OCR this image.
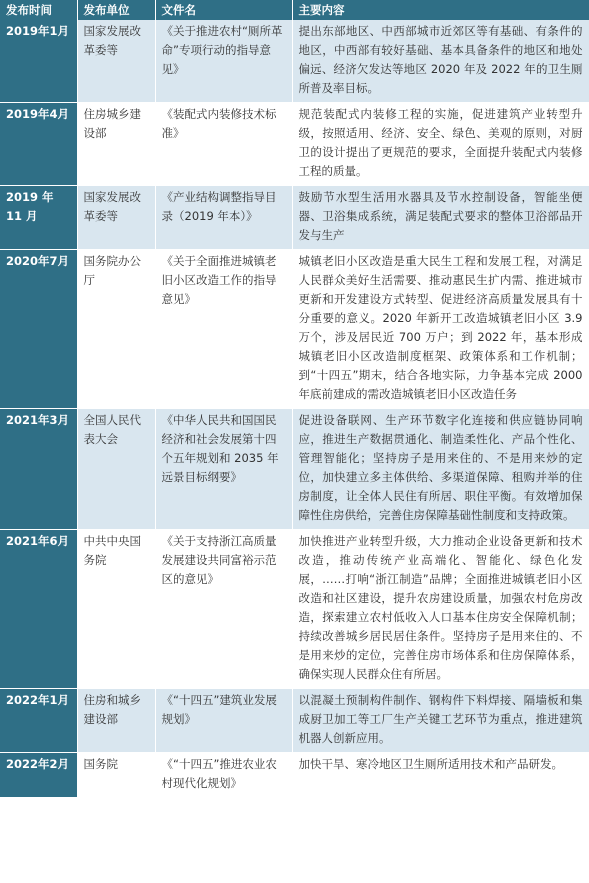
发布时间	发布单位	文件名	主要内容
2019年1月	国家发展改革委等	《关于推进农村“厕所革命”专项行动的指导意见》	提出东部地区、中西部城市近郊区等有基础、有条件的地区，中西部有较好基础、基本具备条件的地区和地处偏远、经济欠发达等地区 2020 年及 2022 年的卫生厕所普及率目标。
2019年4月	住房城乡建设部	《装配式内装修技术标准》	规范装配式内装修工程的实施，促进建筑产业转型升级，按照适用、经济、安全、绿色、美观的原则，对厨卫的设计提出了更规范的要求，全面提升装配式内装修工程的质量。
2019 年 11 月	国家发展改革委等	《产业结构调整指导目录（2019 年本）》	鼓励节水型生活用水器具及节水控制设备，智能坐便器、卫浴集成系统，满足装配式要求的整体卫浴部品开发与生产
2020年7月	国务院办公厅	《关于全面推进城镇老旧小区改造工作的指导意见》	城镇老旧小区改造是重大民生工程和发展工程，对满足人民群众美好生活需要、推动惠民生扩内需、推进城市更新和开发建设方式转型、促进经济高质量发展具有十分重要的意义。2020 年新开工改造城镇老旧小区 3.9 万个，涉及居民近 700 万户；到 2022 年，基本形成城镇老旧小区改造制度框架、政策体系和工作机制；到“十四五”期末，结合各地实际，力争基本完成 2000 年底前建成的需改造城镇老旧小区改造任务
2021年3月	全国人民代表大会	《中华人民共和国国民经济和社会发展第十四个五年规划和 2035 年远景目标纲要》	促进设备联网、生产环节数字化连接和供应链协同响应，推进生产数据贯通化、制造柔性化、产品个性化、管理智能化；坚持房子是用来住的、不是用来炒的定位，加快建立多主体供给、多渠道保障、租购并举的住房制度，让全体人民住有所居、职住平衡。有效增加保障性住房供给，完善住房保障基础性制度和支持政策。
2021年6月	中共中央国务院	《关于支持浙江高质量发展建设共同富裕示范区的意见》	加快推进产业转型升级，大力推动企业设备更新和技术改造，推动传统产业高端化、智能化、绿色化发展，……打响“浙江制造”品牌；全面推进城镇老旧小区改造和社区建设，提升农房建设质量，加强农村危房改造，探索建立农村低收入人口基本住房安全保障机制；持续改善城乡居民居住条件。坚持房子是用来住的、不是用来炒的定位，完善住房市场体系和住房保障体系，确保实现人民群众住有所居。
2022年1月	住房和城乡建设部	《“十四五”建筑业发展规划》	以混凝土预制构件制作、钢构件下料焊接、隔墙板和集成厨卫加工等工厂生产关键工艺环节为重点，推进建筑机器人创新应用。
2022年2月	国务院	《“十四五”推进农业农村现代化规划》	加快干旱、寒冷地区卫生厕所适用技术和产品研发。
